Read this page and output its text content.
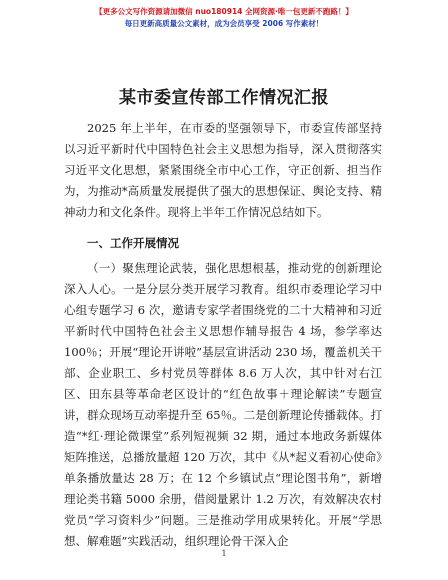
【更多公文写作资源请加微信 nuo180914 全网资源·唯一包更新不跑路！】
每日更新高质量公文素材，成为会员享受 2006 写作素材！
某市委宣传部工作情况汇报

2025 年上半年，在市委的坚强领导下，市委宣传部坚持以习近平新时代中国特色社会主义思想为指导，深入贯彻落实习近平文化思想，紧紧围绕全市中心工作，守正创新、担当作为，为推动*高质量发展提供了强大的思想保证、舆论支持、精神动力和文化条件。现将上半年工作情况总结如下。

一、工作开展情况

（一）聚焦理论武装，强化思想根基，推动党的创新理论深入人心。一是分层分类开展学习教育。组织市委理论学习中心组专题学习 6 次，邀请专家学者围绕党的二十大精神和习近平新时代中国特色社会主义思想作辅导报告 4 场，参学率达 100％；开展“理论开讲啦”基层宣讲活动 230 场，覆盖机关干部、企业职工、乡村党员等群体 8.6 万人次，其中针对右江区、田东县等革命老区设计的“红色故事＋理论解读”专题宣讲，群众现场互动率提升至 65％。二是创新理论传播载体。打造“*红·理论微课堂”系列短视频 32 期，通过本地政务新媒体矩阵推送，总播放量超 120 万次，其中《从*起义看初心使命》单条播放量达 28 万；在 12 个乡镇试点“理论图书角”，新增理论类书籍 5000 余册，借阅量累计 1.2 万次，有效解决农村党员“学习资料少”问题。三是推动学用成果转化。开展“学思想、解难题”实践活动，组织理论骨干深入企

1
